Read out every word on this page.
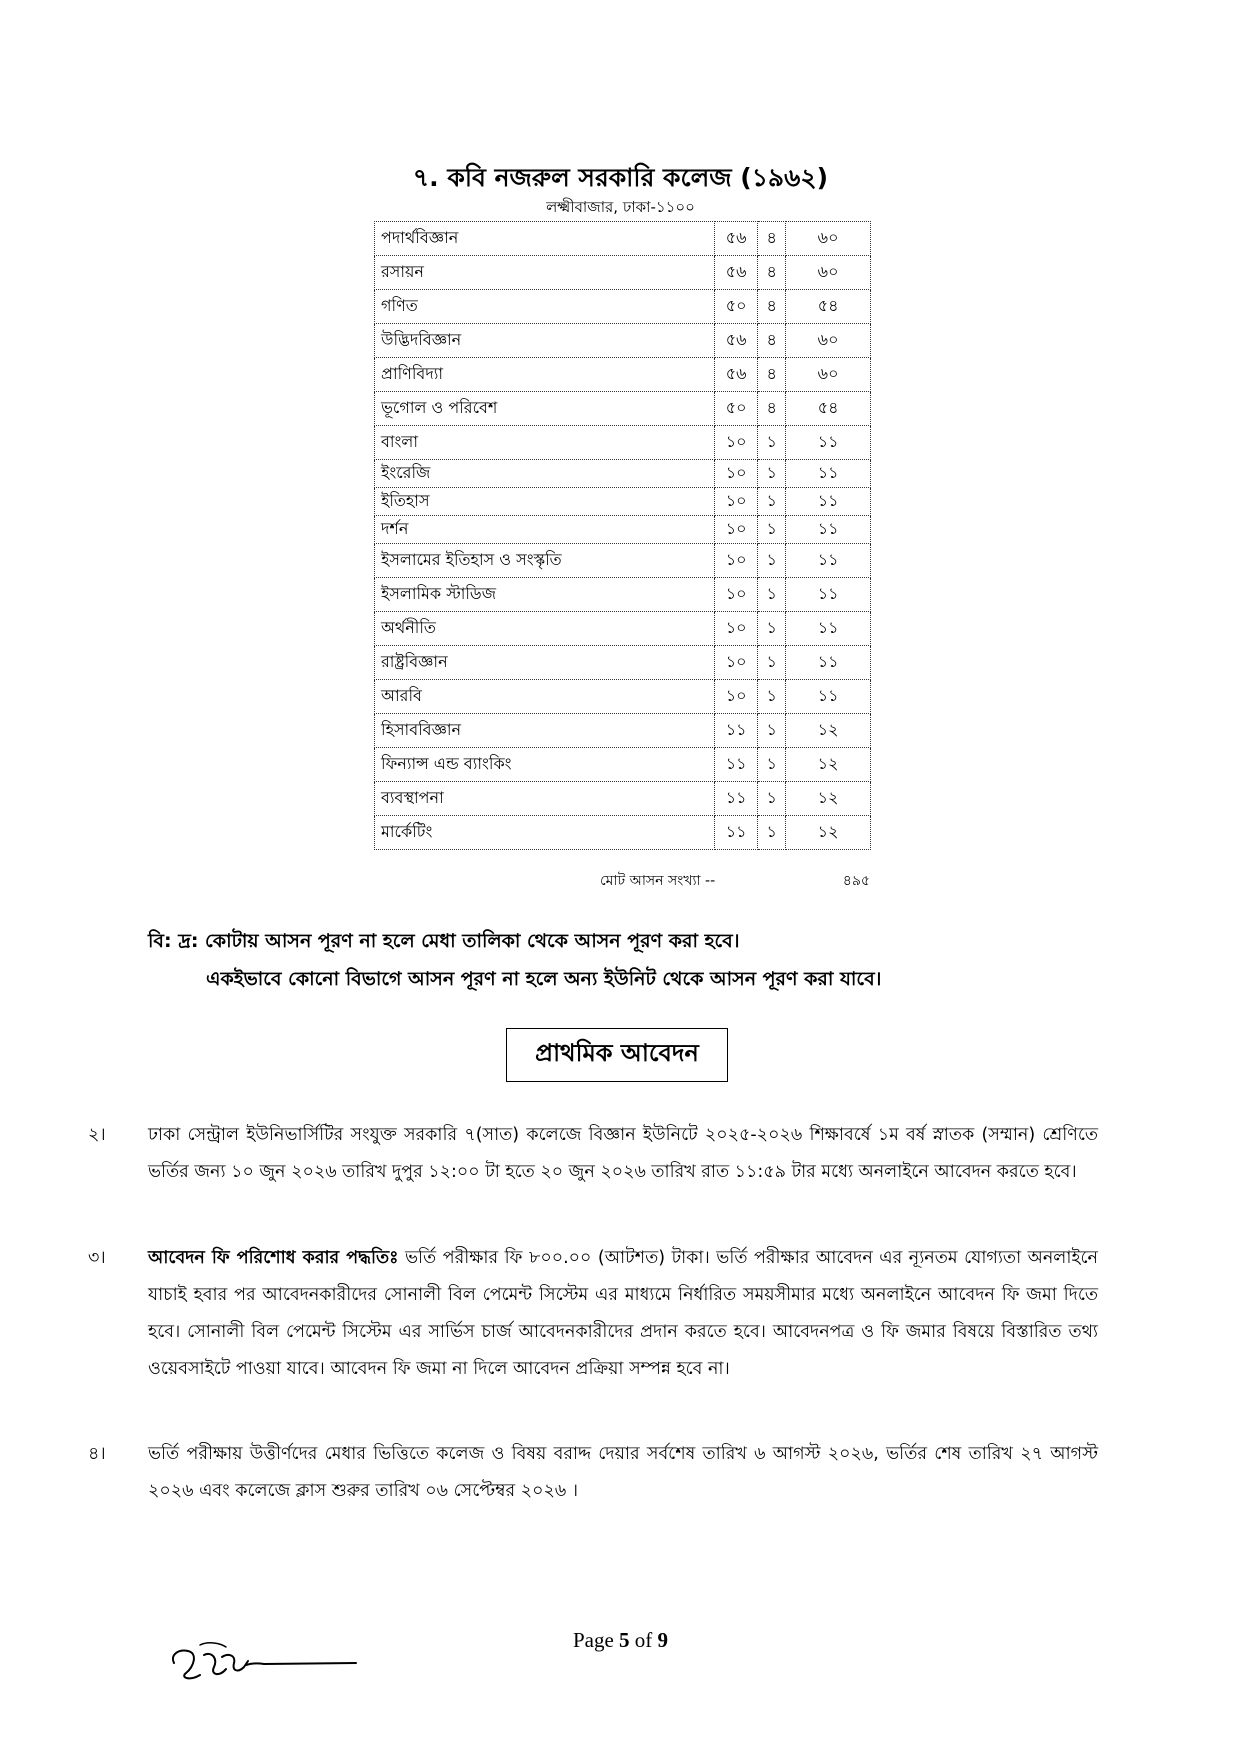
৭. কবি নজরুল সরকারি কলেজ (১৯৬২)
লক্ষ্মীবাজার, ঢাকা-১১০০
পদার্থবিজ্ঞান	৫৬	৪	৬০
রসায়ন	৫৬	৪	৬০
গণিত	৫০	৪	৫৪
উদ্ভিদবিজ্ঞান	৫৬	৪	৬০
প্রাণিবিদ্যা	৫৬	৪	৬০
ভূগোল ও পরিবেশ	৫০	৪	৫৪
বাংলা	১০	১	১১
ইংরেজি	১০	১	১১
ইতিহাস	১০	১	১১
দর্শন	১০	১	১১
ইসলামের ইতিহাস ও সংস্কৃতি	১০	১	১১
ইসলামিক স্টাডিজ	১০	১	১১
অর্থনীতি	১০	১	১১
রাষ্ট্রবিজ্ঞান	১০	১	১১
আরবি	১০	১	১১
হিসাববিজ্ঞান	১১	১	১২
ফিন্যান্স এন্ড ব্যাংকিং	১১	১	১২
ব্যবস্থাপনা	১১	১	১২
মার্কেটিং	১১	১	১২
মোট আসন সংখ্যা --	৪৯৫
বি: দ্র: কোটায় আসন পূরণ না হলে মেধা তালিকা থেকে আসন পূরণ করা হবে।
একইভাবে কোনো বিভাগে আসন পূরণ না হলে অন্য ইউনিট থেকে আসন পূরণ করা যাবে।
প্রাথমিক আবেদন
২। ঢাকা সেন্ট্রাল ইউনিভার্সিটির সংযুক্ত সরকারি ৭(সাত) কলেজে বিজ্ঞান ইউনিটে ২০২৫-২০২৬ শিক্ষাবর্ষে ১ম বর্ষ স্নাতক (সম্মান) শ্রেণিতে ভর্তির জন্য ১০ জুন ২০২৬ তারিখ দুপুর ১২:০০ টা হতে ২০ জুন ২০২৬ তারিখ রাত ১১:৫৯ টার মধ্যে অনলাইনে আবেদন করতে হবে।
৩। আবেদন ফি পরিশোধ করার পদ্ধতিঃ ভর্তি পরীক্ষার ফি ৮০০.০০ (আটশত) টাকা। ভর্তি পরীক্ষার আবেদন এর ন্যূনতম যোগ্যতা অনলাইনে যাচাই হবার পর আবেদনকারীদের সোনালী বিল পেমেন্ট সিস্টেম এর মাধ্যমে নির্ধারিত সময়সীমার মধ্যে অনলাইনে আবেদন ফি জমা দিতে হবে। সোনালী বিল পেমেন্ট সিস্টেম এর সার্ভিস চার্জ আবেদনকারীদের প্রদান করতে হবে। আবেদনপত্র ও ফি জমার বিষয়ে বিস্তারিত তথ্য ওয়েবসাইটে পাওয়া যাবে। আবেদন ফি জমা না দিলে আবেদন প্রক্রিয়া সম্পন্ন হবে না।
৪। ভর্তি পরীক্ষায় উত্তীর্ণদের মেধার ভিত্তিতে কলেজ ও বিষয় বরাদ্দ দেয়ার সর্বশেষ তারিখ ৬ আগস্ট ২০২৬, ভর্তির শেষ তারিখ ২৭ আগস্ট ২০২৬ এবং কলেজে ক্লাস শুরুর তারিখ ০৬ সেপ্টেম্বর ২০২৬ ।
Page 5 of 9
